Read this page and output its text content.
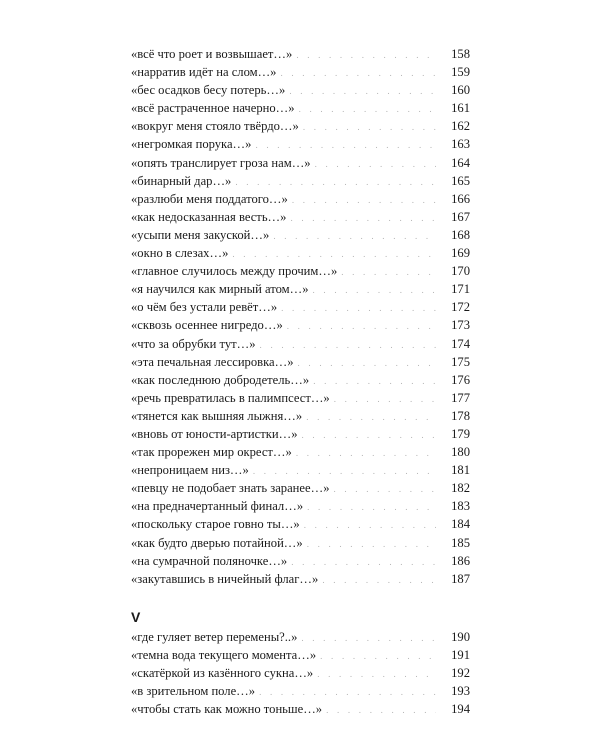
«всё что роет и возвышает…» . . .	158
«нарратив идёт на слом…» . . .	159
«бес осадков бесу потерь…» . . .	160
«всё растраченное начерно…» . . .	161
«вокруг меня стояло твёрдо…» . . .	162
«негромкая порука…» . . .	163
«опять транслирует гроза нам…» . . .	164
«бинарный дар…» . . .	165
«разлюби меня поддатого…» . . .	166
«как недосказанная весть…» . . .	167
«усыпи меня закуской…» . . .	168
«окно в слезах…» . . .	169
«главное случилось между прочим…» . . .	170
«я научился как мирный атом…» . . .	171
«о чём без устали ревёт…» . . .	172
«сквозь осеннее нигредо…» . . .	173
«что за обрубки тут…» . . .	174
«эта печальная лессировка…» . . .	175
«как последнюю добродетель…» . . .	176
«речь превратилась в палимпсест…» . . .	177
«тянется как вышняя лыжня…» . . .	178
«вновь от юности-артистки…» . . .	179
«так прорежен мир окрест…» . . .	180
«непроницаем низ…» . . .	181
«певцу не подобает знать заранее…» . . .	182
«на предначертанный финал…» . . .	183
«поскольку старое говно ты…» . . .	184
«как будто дверью потайной…» . . .	185
«на сумрачной поляночке…» . . .	186
«закутавшись в ничейный флаг…» . . .	187
V
«где гуляет ветер перемены?..» . . .	190
«темна вода текущего момента…» . . .	191
«скатёркой из казённого сукна…» . . .	192
«в зрительном поле…» . . .	193
«чтобы стать как можно тоньше…» . . .	194
